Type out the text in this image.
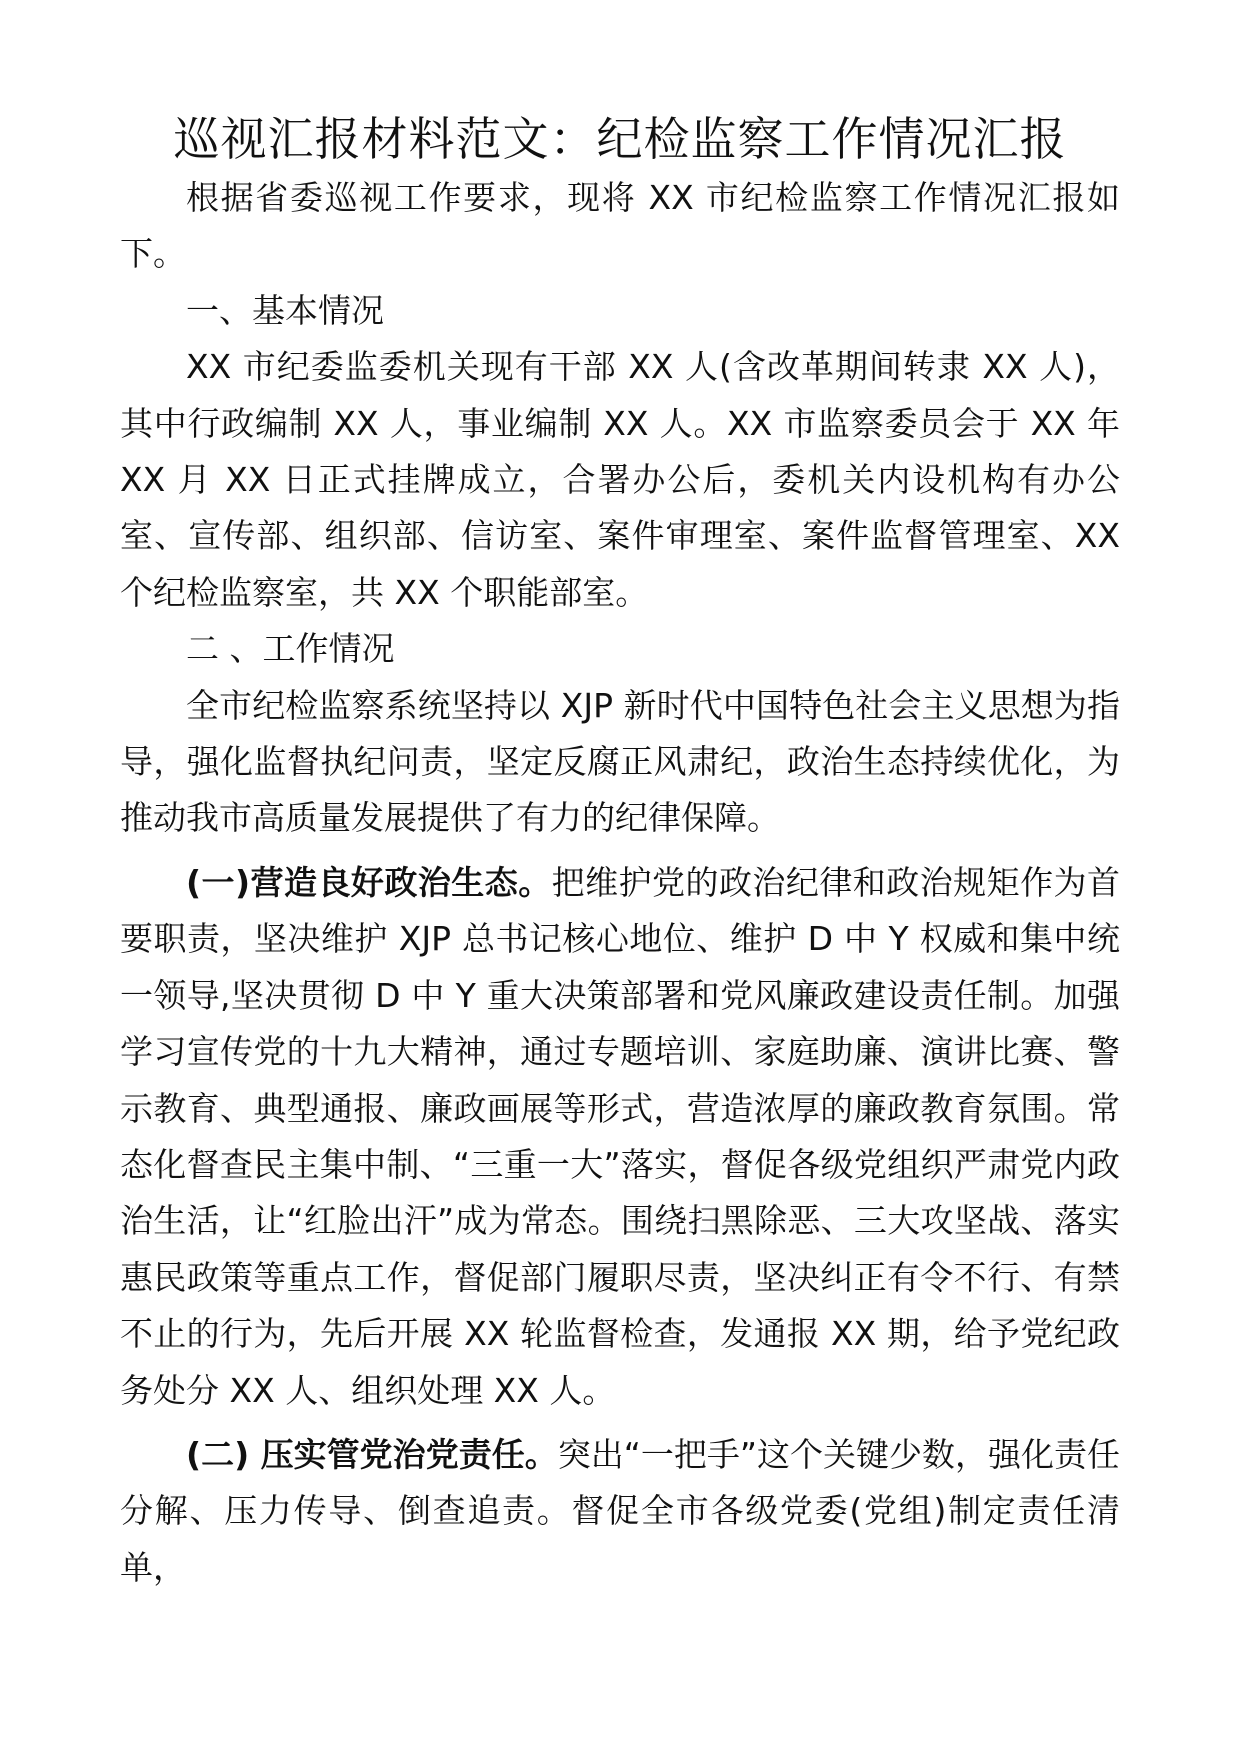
巡视汇报材料范文：纪检监察工作情况汇报

根据省委巡视工作要求，现将 XX 市纪检监察工作情况汇报如下。

一、基本情况

XX 市纪委监委机关现有干部 XX 人(含改革期间转隶 XX 人)，其中行政编制 XX 人，事业编制 XX 人。XX 市监察委员会于 XX 年 XX 月 XX 日正式挂牌成立，合署办公后，委机关内设机构有办公室、宣传部、组织部、信访室、案件审理室、案件监督管理室、XX 个纪检监察室，共 XX 个职能部室。

二 、工作情况

全市纪检监察系统坚持以 XJP 新时代中国特色社会主义思想为指导，强化监督执纪问责，坚定反腐正风肃纪，政治生态持续优化，为推动我市高质量发展提供了有力的纪律保障。

(一)营造良好政治生态。把维护党的政治纪律和政治规矩作为首要职责，坚决维护 XJP 总书记核心地位、维护 D 中 Y 权威和集中统一领导,坚决贯彻 D 中 Y 重大决策部署和党风廉政建设责任制。加强学习宣传党的十九大精神，通过专题培训、家庭助廉、演讲比赛、警示教育、典型通报、廉政画展等形式，营造浓厚的廉政教育氛围。常态化督查民主集中制、“三重一大”落实，督促各级党组织严肃党内政治生活，让“红脸出汗”成为常态。围绕扫黑除恶、三大攻坚战、落实惠民政策等重点工作，督促部门履职尽责，坚决纠正有令不行、有禁不止的行为，先后开展 XX 轮监督检查，发通报 XX 期，给予党纪政务处分 XX 人、组织处理 XX 人。

(二) 压实管党治党责任。突出“一把手”这个关键少数，强化责任分解、压力传导、倒查追责。督促全市各级党委(党组)制定责任清单，
